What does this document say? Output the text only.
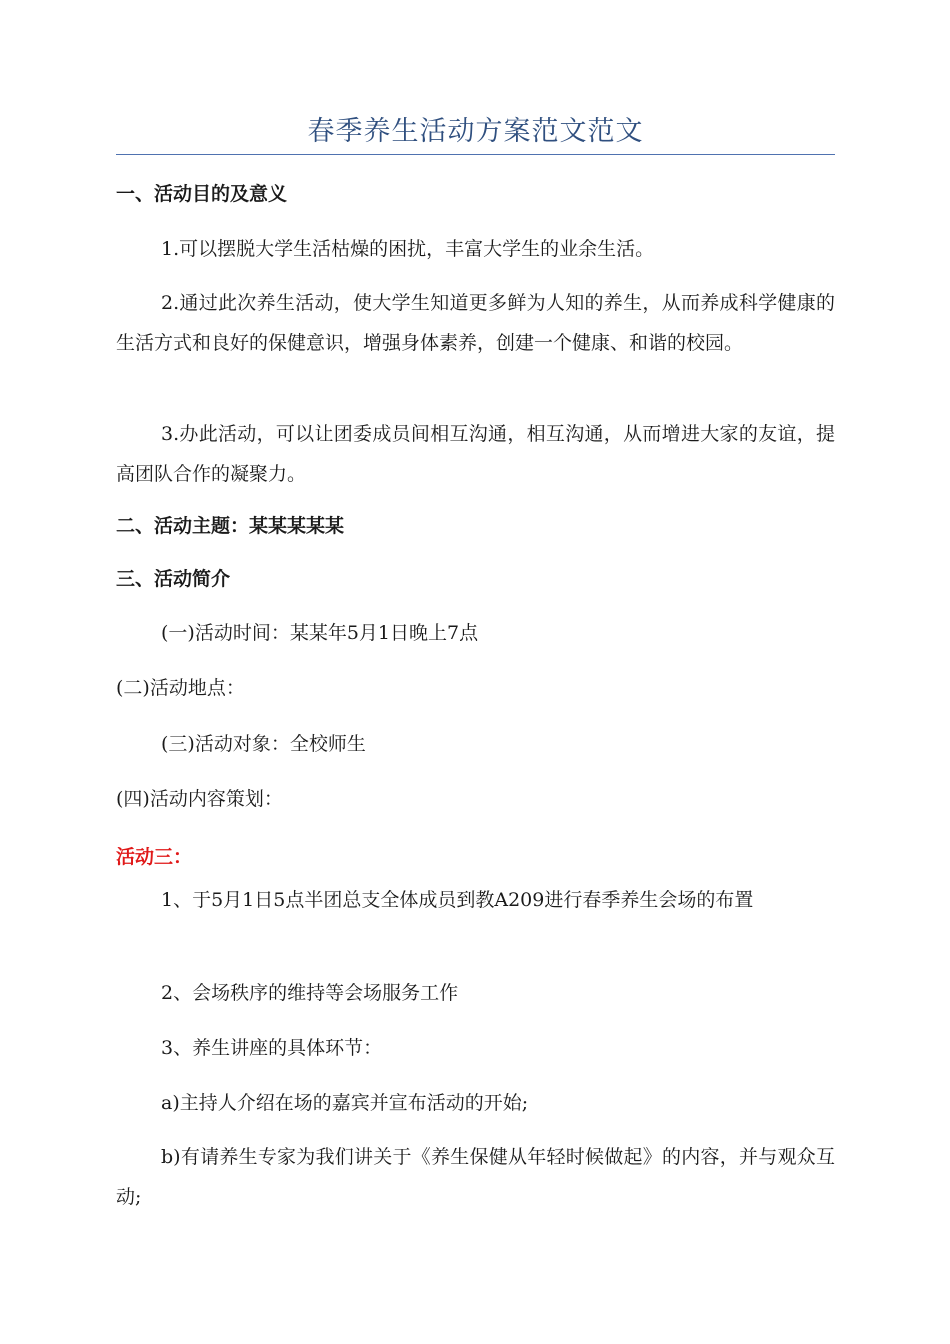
春季养生活动方案范文范文
一、活动目的及意义
1.可以摆脱大学生活枯燥的困扰，丰富大学生的业余生活。
2.通过此次养生活动，使大学生知道更多鲜为人知的养生，从而养成科学健康的生活方式和良好的保健意识，增强身体素养，创建一个健康、和谐的校园。
3.办此活动，可以让团委成员间相互沟通，相互沟通，从而增进大家的友谊，提高团队合作的凝聚力。
二、活动主题：某某某某某
三、活动简介
(一)活动时间：某某年5月1日晚上7点
(二)活动地点：
(三)活动对象：全校师生
(四)活动内容策划：
活动三：
1、于5月1日5点半团总支全体成员到教A209进行春季养生会场的布置
2、会场秩序的维持等会场服务工作
3、养生讲座的具体环节：
a)主持人介绍在场的嘉宾并宣布活动的开始;
b)有请养生专家为我们讲关于《养生保健从年轻时候做起》的内容，并与观众互动;
